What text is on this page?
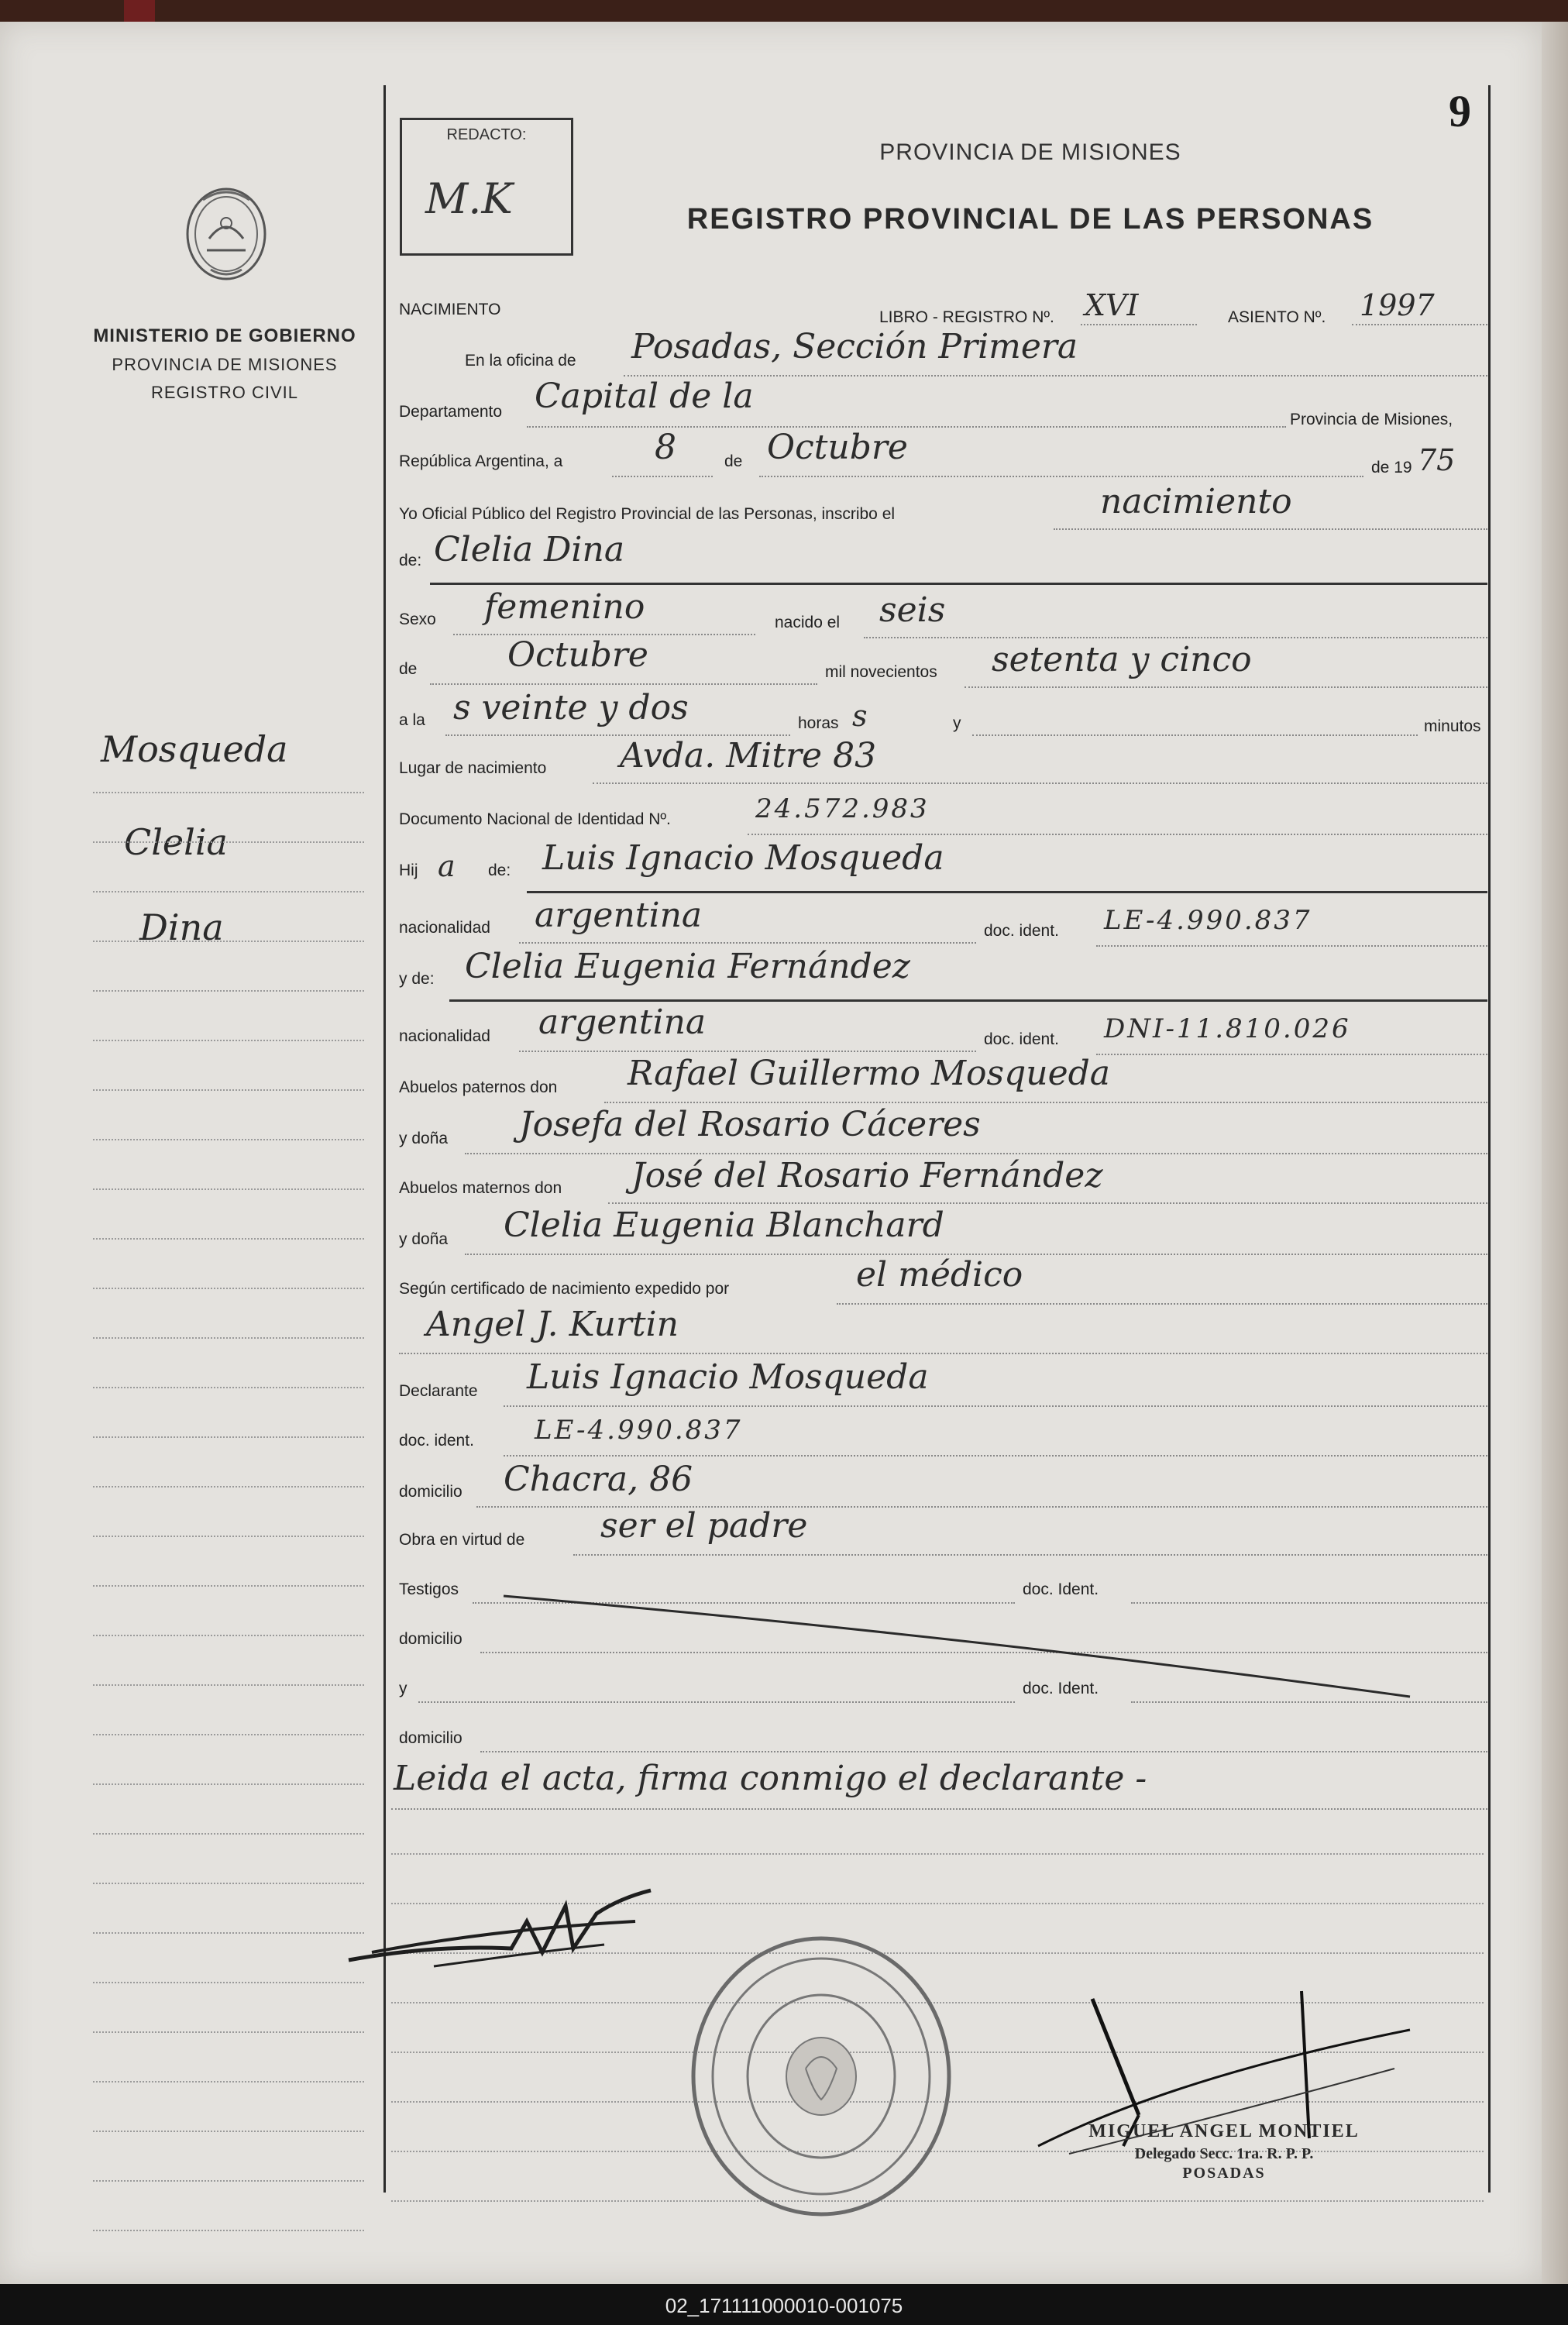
9
MINISTERIO DE GOBIERNO
PROVINCIA DE MISIONES
REGISTRO CIVIL
Mosqueda
Clelia
Dina
REDACTO:
M.K
PROVINCIA DE MISIONES
REGISTRO PROVINCIAL DE LAS PERSONAS
NACIMIENTO	LIBRO - REGISTRO Nº. XVI	ASIENTO Nº. 1997
En la oficina de Posadas, Sección Primera
Departamento Capital de la
Provincia de Misiones,
República Argentina, a	8	de Octubre
de 19 75
Yo Oficial Público del Registro Provincial de las Personas, inscribo el	nacimiento
de: Clelia Dina
Sexo femenino	nacido el seis
de	Octubre	mil novecientos setenta y cinco
a la s veinte y dos	horas s	y	minutos
Lugar de nacimiento Avda. Mitre 83
Documento Nacional de Identidad Nº.	24.572.983
Hij a de: Luis Ignacio Mosqueda
nacionalidad argentina	doc. ident. LE-4.990.837
y de: Clelia Eugenia Fernández
nacionalidad argentina	doc. ident. DNI-11.810.026
Abuelos paternos don Rafael Guillermo Mosqueda
y doña Josefa del Rosario Cáceres
Abuelos maternos don José del Rosario Fernández
y doña Clelia Eugenia Blanchard
Según certificado de nacimiento expedido por	el médico
Angel J. Kurtin
Declarante Luis Ignacio Mosqueda
doc. ident. LE-4.990.837
domicilio Chacra, 86
Obra en virtud de ser el padre
Testigos	doc. Ident.
domicilio
y	doc. Ident.
domicilio
Leida el acta, firma conmigo el declarante -
MIGUEL ANGEL MONTIEL
Delegado Secc. 1ra. R. P. P.
POSADAS
02_171111000010-001075
